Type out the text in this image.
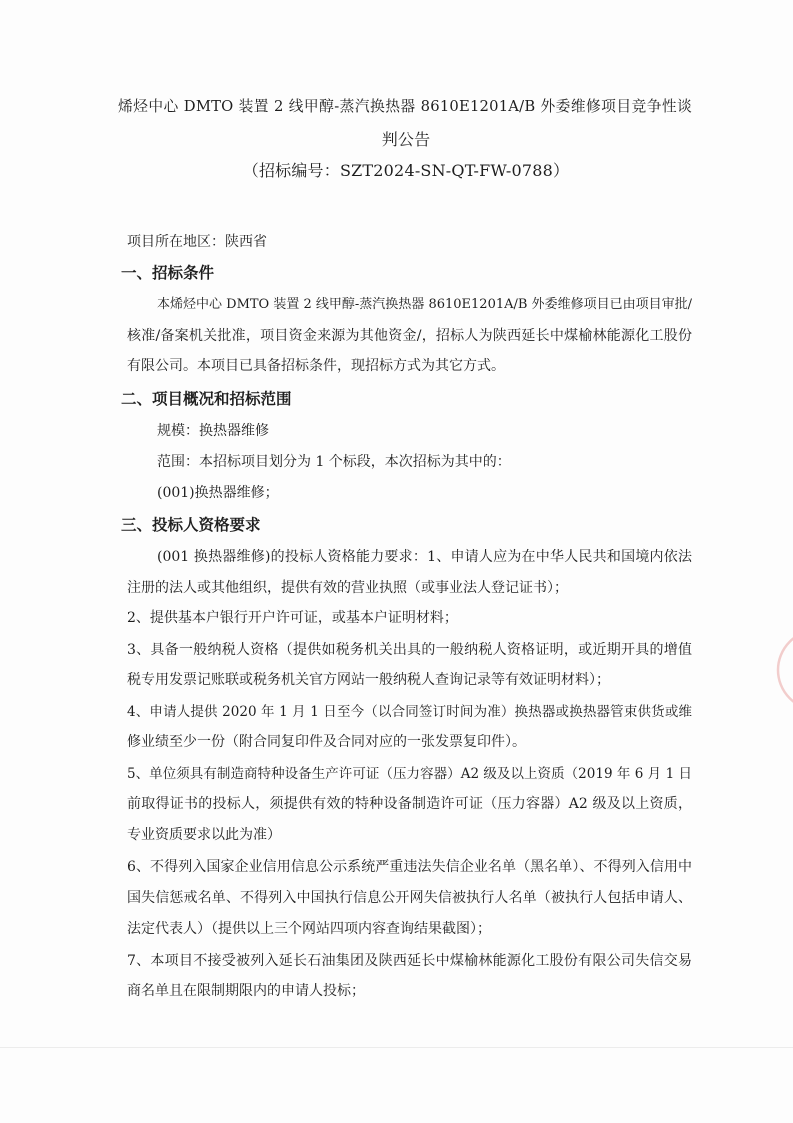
烯烃中心 DMTO 装置 2 线甲醇-蒸汽换热器 8610E1201A/B 外委维修项目竞争性谈
判公告
（招标编号：SZT2024-SN-QT-FW-0788）
项目所在地区：陕西省
一、招标条件
本烯烃中心 DMTO 装置 2 线甲醇-蒸汽换热器 8610E1201A/B 外委维修项目已由项目审批/
核准/备案机关批准，项目资金来源为其他资金/，招标人为陕西延长中煤榆林能源化工股份
有限公司。本项目已具备招标条件，现招标方式为其它方式。
二、项目概况和招标范围
规模：换热器维修
范围：本招标项目划分为 1 个标段，本次招标为其中的：
(001)换热器维修；
三、投标人资格要求
(001 换热器维修)的投标人资格能力要求：1、申请人应为在中华人民共和国境内依法
注册的法人或其他组织，提供有效的营业执照（或事业法人登记证书）；
2、提供基本户银行开户许可证，或基本户证明材料；
3、具备一般纳税人资格（提供如税务机关出具的一般纳税人资格证明，或近期开具的增值
税专用发票记账联或税务机关官方网站一般纳税人查询记录等有效证明材料）；
4、申请人提供 2020 年 1 月 1 日至今（以合同签订时间为准）换热器或换热器管束供货或维
修业绩至少一份（附合同复印件及合同对应的一张发票复印件）。
5、单位须具有制造商特种设备生产许可证（压力容器）A2 级及以上资质（2019 年 6 月 1 日
前取得证书的投标人，须提供有效的特种设备制造许可证（压力容器）A2 级及以上资质，
专业资质要求以此为准）
6、不得列入国家企业信用信息公示系统严重违法失信企业名单（黑名单）、不得列入信用中
国失信惩戒名单、不得列入中国执行信息公开网失信被执行人名单（被执行人包括申请人、
法定代表人）（提供以上三个网站四项内容查询结果截图）；
7、本项目不接受被列入延长石油集团及陕西延长中煤榆林能源化工股份有限公司失信交易
商名单且在限制期限内的申请人投标；
